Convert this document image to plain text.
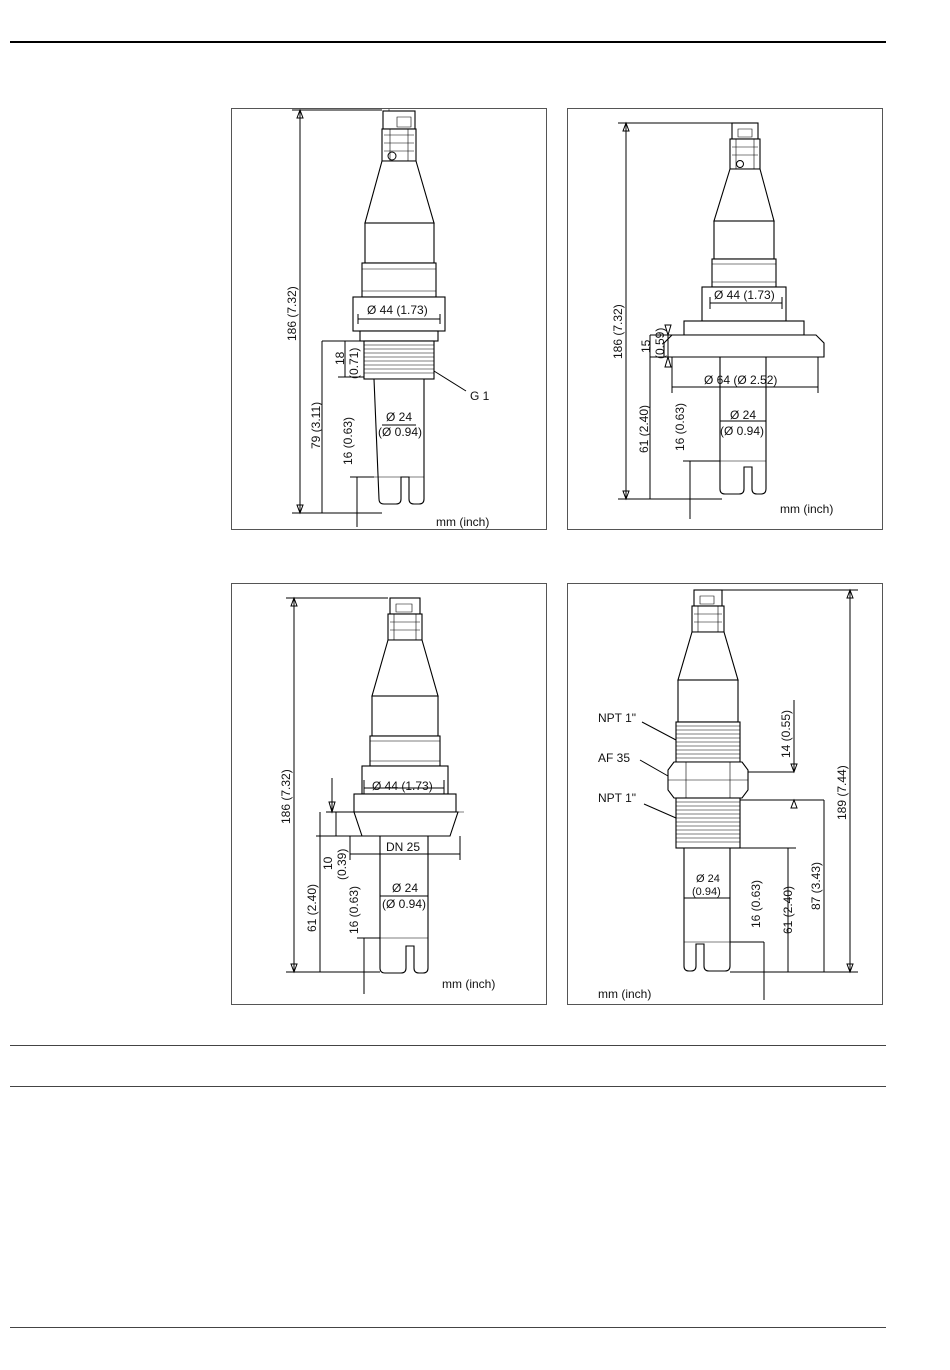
186 (7.32)	Ø 44 (1.73)
18 (0.71)
G 1
79 (3.11)	Ø 24
(Ø 0.94)
16 (0.63)
mm (inch)
186 (7.32)
Ø 44 (1.73)
15 (0.59)
Ø 64 (Ø 2.52)
61 (2.40) 16 (0.63)	Ø 24
(Ø 0.94)
mm (inch)
186 (7.32)	Ø 44 (1.73)
10 (0.39)
DN 25
61 (2.40) 16 (0.63)	Ø 24
(Ø 0.94)
mm (inch)
NPT 1"
AF 35
NPT 1"
14 (0.55)
189 (7.44)
87 (3.43)
61 (2.40)
16 (0.63)
Ø 24
(0.94)
mm (inch)
